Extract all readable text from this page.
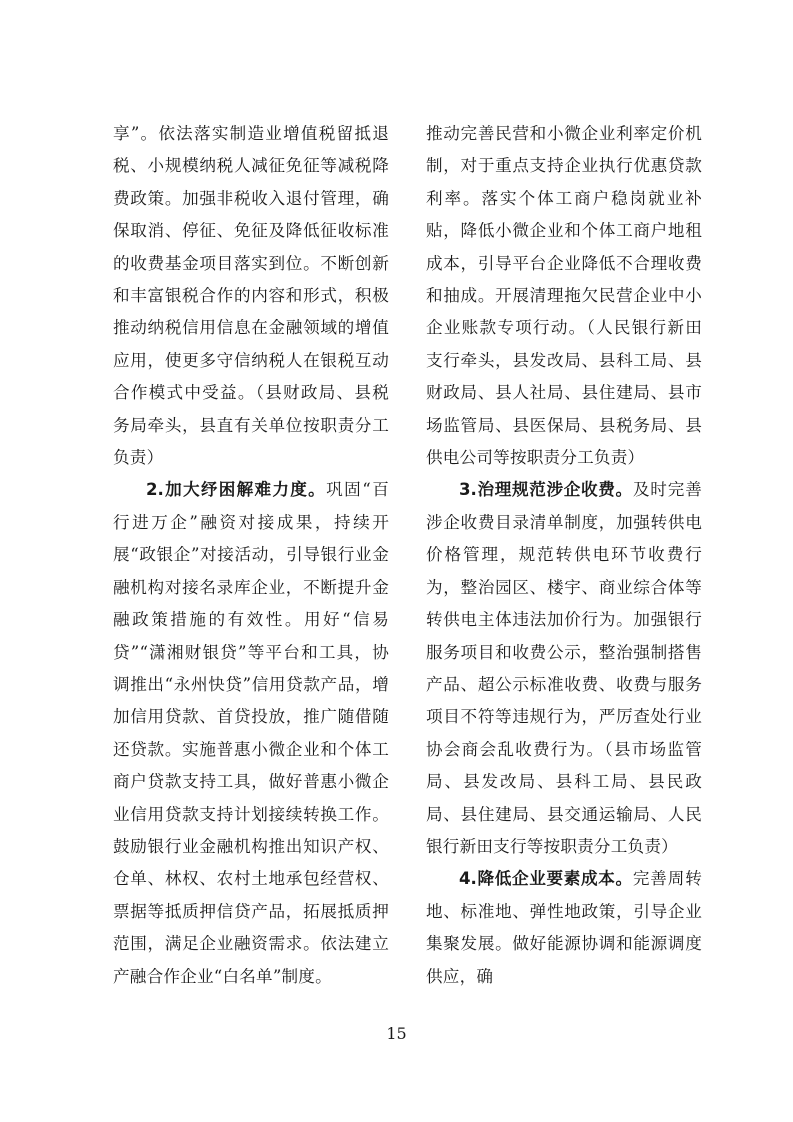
享”。依法落实制造业增值税留抵退税、小规模纳税人减征免征等减税降费政策。加强非税收入退付管理，确保取消、停征、免征及降低征收标准的收费基金项目落实到位。不断创新和丰富银税合作的内容和形式，积极推动纳税信用信息在金融领域的增值应用，使更多守信纳税人在银税互动合作模式中受益。（县财政局、县税务局牵头，县直有关单位按职责分工负责）

2.加大纾困解难力度。巩固“百行进万企”融资对接成果，持续开展“政银企”对接活动，引导银行业金融机构对接名录库企业，不断提升金融政策措施的有效性。用好“信易贷”“潇湘财银贷”等平台和工具，协调推出“永州快贷”信用贷款产品，增加信用贷款、首贷投放，推广随借随还贷款。实施普惠小微企业和个体工商户贷款支持工具，做好普惠小微企业信用贷款支持计划接续转换工作。鼓励银行业金融机构推出知识产权、仓单、林权、农村土地承包经营权、票据等抵质押信贷产品，拓展抵质押范围，满足企业融资需求。依法建立产融合作企业“白名单”制度。

推动完善民营和小微企业利率定价机制，对于重点支持企业执行优惠贷款利率。落实个体工商户稳岗就业补贴，降低小微企业和个体工商户地租成本，引导平台企业降低不合理收费和抽成。开展清理拖欠民营企业中小企业账款专项行动。（人民银行新田支行牵头，县发改局、县科工局、县财政局、县人社局、县住建局、县市场监管局、县医保局、县税务局、县供电公司等按职责分工负责）

3.治理规范涉企收费。及时完善涉企收费目录清单制度，加强转供电价格管理，规范转供电环节收费行为，整治园区、楼宇、商业综合体等转供电主体违法加价行为。加强银行服务项目和收费公示，整治强制搭售产品、超公示标准收费、收费与服务项目不符等违规行为，严厉查处行业协会商会乱收费行为。（县市场监管局、县发改局、县科工局、县民政局、县住建局、县交通运输局、人民银行新田支行等按职责分工负责）

4.降低企业要素成本。完善周转地、标准地、弹性地政策，引导企业集聚发展。做好能源协调和能源调度供应，确

15
